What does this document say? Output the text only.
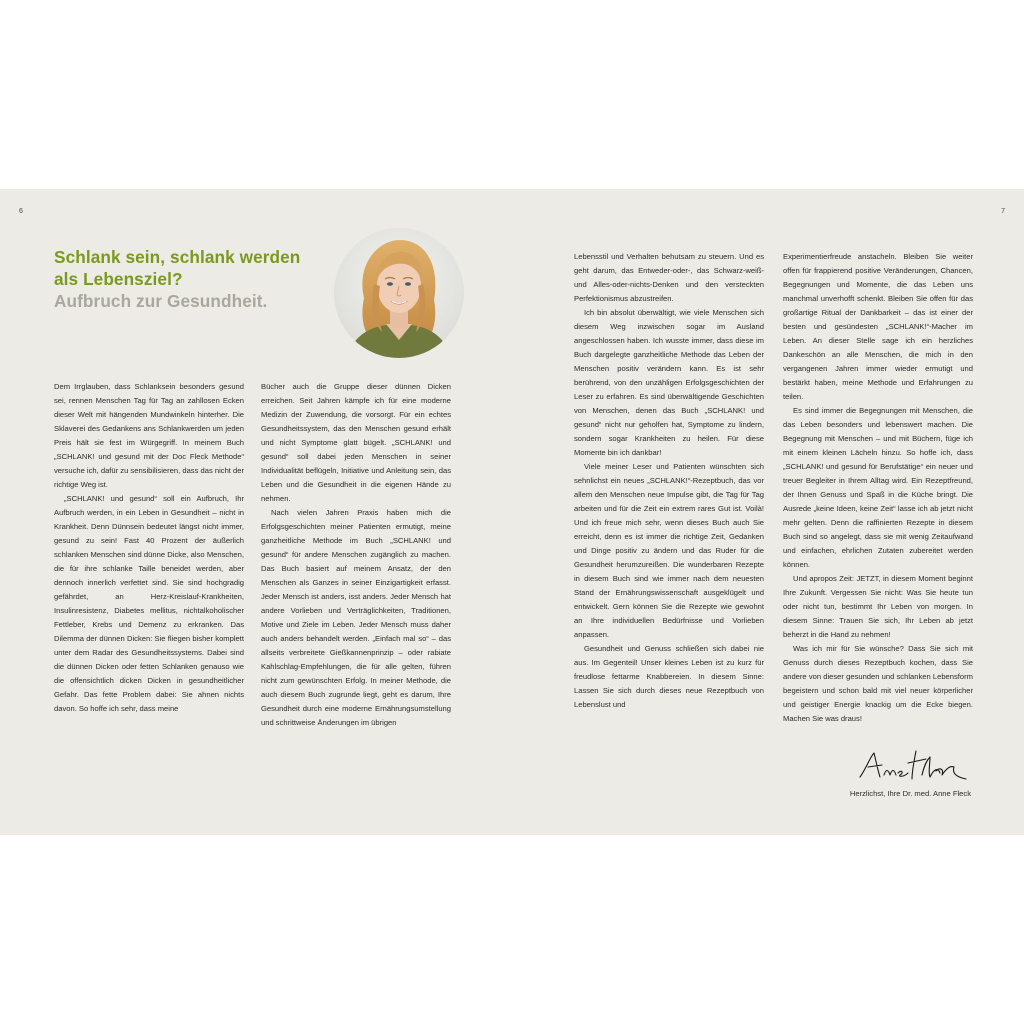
6	7
Schlank sein, schlank werden
als Lebensziel?
Aufbruch zur Gesundheit.

Dem Irrglauben, dass Schlanksein besonders gesund sei, rennen Menschen Tag für Tag an zahllosen Ecken dieser Welt mit hängenden Mundwinkeln hinterher. Die Sklaverei des Gedankens ans Schlankwerden um jeden Preis hält sie fest im Würgegriff. In meinem Buch „SCHLANK! und gesund mit der Doc Fleck Methode“ versuche ich, dafür zu sensibilisieren, dass das nicht der richtige Weg ist.

„SCHLANK! und gesund“ soll ein Aufbruch, Ihr Aufbruch werden, in ein Leben in Gesundheit – nicht in Krankheit. Denn Dünnsein bedeutet längst nicht immer, gesund zu sein! Fast 40 Prozent der äußerlich schlanken Menschen sind dünne Dicke, also Menschen, die für ihre schlanke Taille beneidet werden, aber dennoch innerlich verfettet sind. Sie sind hochgradig gefährdet, an Herz-Kreislauf-Krankheiten, Insulinresistenz, Diabetes mellitus, nichtalkoholischer Fettleber, Krebs und Demenz zu erkranken. Das Dilemma der dünnen Dicken: Sie fliegen bisher komplett unter dem Radar des Gesundheitssystems. Dabei sind die dünnen Dicken oder fetten Schlanken genauso wie die offensichtlich dicken Dicken in gesundheitlicher Gefahr. Das fette Problem dabei: Sie ahnen nichts davon. So hoffe ich sehr, dass meine

Bücher auch die Gruppe dieser dünnen Dicken erreichen. Seit Jahren kämpfe ich für eine moderne Medizin der Zuwendung, die vorsorgt. Für ein echtes Gesundheitssystem, das den Menschen gesund erhält und nicht Symptome glatt bügelt. „SCHLANK! und gesund“ soll dabei jeden Menschen in seiner Individualität beflügeln, Initiative und Anleitung sein, das Leben und die Gesundheit in die eigenen Hände zu nehmen.

Nach vielen Jahren Praxis haben mich die Erfolgsgeschichten meiner Patienten ermutigt, meine ganzheitliche Methode im Buch „SCHLANK! und gesund“ für andere Menschen zugänglich zu machen. Das Buch basiert auf meinem Ansatz, der den Menschen als Ganzes in seiner Einzigartigkeit erfasst. Jeder Mensch ist anders, isst anders. Jeder Mensch hat andere Vorlieben und Verträglichkeiten, Traditionen, Motive und Ziele im Leben. Jeder Mensch muss daher auch anders behandelt werden. „Einfach mal so“ – das allseits verbreitete Gießkannenprinzip – oder rabiate Kahlschlag-Empfehlungen, die für alle gelten, führen nicht zum gewünschten Erfolg. In meiner Methode, die auch diesem Buch zugrunde liegt, geht es darum, Ihre Gesundheit durch eine moderne Ernährungsumstellung und schrittweise Änderungen im übrigen

Lebensstil und Verhalten behutsam zu steuern. Und es geht darum, das Entweder-oder-, das Schwarz-weiß- und Alles-oder-nichts-Denken und den versteckten Perfektionismus abzustreifen.

Ich bin absolut überwältigt, wie viele Menschen sich diesem Weg inzwischen sogar im Ausland angeschlossen haben. Ich wusste immer, dass diese im Buch dargelegte ganzheitliche Methode das Leben der Menschen positiv verändern kann. Es ist sehr berührend, von den unzähligen Erfolgsgeschichten der Leser zu erfahren. Es sind überwältigende Geschichten von Menschen, denen das Buch „SCHLANK! und gesund“ nicht nur geholfen hat, Symptome zu lindern, sondern sogar Krankheiten zu heilen. Für diese Momente bin ich dankbar!

Viele meiner Leser und Patienten wünschten sich sehnlichst ein neues „SCHLANK!“-Rezeptbuch, das vor allem den Menschen neue Impulse gibt, die Tag für Tag arbeiten und für die Zeit ein extrem rares Gut ist. Voilà! Und ich freue mich sehr, wenn dieses Buch auch Sie erreicht, denn es ist immer die richtige Zeit, Gedanken und Dinge positiv zu ändern und das Ruder für die Gesundheit herumzureißen. Die wunderbaren Rezepte in diesem Buch sind wie immer nach dem neuesten Stand der Ernährungswissenschaft ausgeklügelt und entwickelt. Gern können Sie die Rezepte wie gewohnt an Ihre individuellen Bedürfnisse und Vorlieben anpassen.

Gesundheit und Genuss schließen sich dabei nie aus. Im Gegenteil! Unser kleines Leben ist zu kurz für freudlose fettarme Knabbereien. In diesem Sinne: Lassen Sie sich durch dieses neue Rezeptbuch von Lebenslust und

Experimentierfreude anstacheln. Bleiben Sie weiter offen für frappierend positive Veränderungen, Chancen, Begegnungen und Momente, die das Leben uns manchmal unverhofft schenkt. Bleiben Sie offen für das großartige Ritual der Dankbarkeit – das ist einer der besten und gesündesten „SCHLANK!“-Macher im Leben. An dieser Stelle sage ich ein herzliches Dankeschön an alle Menschen, die mich in den vergangenen Jahren immer wieder ermutigt und bestärkt haben, meine Methode und Erfahrungen zu teilen.

Es sind immer die Begegnungen mit Menschen, die das Leben besonders und lebenswert machen. Die Begegnung mit Menschen – und mit Büchern, füge ich mit einem kleinen Lächeln hinzu. So hoffe ich, dass „SCHLANK! und gesund für Berufstätige“ ein neuer und treuer Begleiter in Ihrem Alltag wird. Ein Rezeptfreund, der Ihnen Genuss und Spaß in die Küche bringt. Die Ausrede „keine Ideen, keine Zeit“ lasse ich ab jetzt nicht mehr gelten. Denn die raffinierten Rezepte in diesem Buch sind so angelegt, dass sie mit wenig Zeitaufwand und einfachen, ehrlichen Zutaten zubereitet werden können.

Und apropos Zeit: JETZT, in diesem Moment beginnt Ihre Zukunft. Vergessen Sie nicht: Was Sie heute tun oder nicht tun, bestimmt Ihr Leben von morgen. In diesem Sinne: Trauen Sie sich, Ihr Leben ab jetzt beherzt in die Hand zu nehmen!

Was ich mir für Sie wünsche? Dass Sie sich mit Genuss durch dieses Rezeptbuch kochen, dass Sie andere von dieser gesunden und schlanken Lebensform begeistern und schon bald mit viel neuer körperlicher und geistiger Energie knackig um die Ecke biegen. Machen Sie was draus!

Herzlichst, Ihre Dr. med. Anne Fleck
